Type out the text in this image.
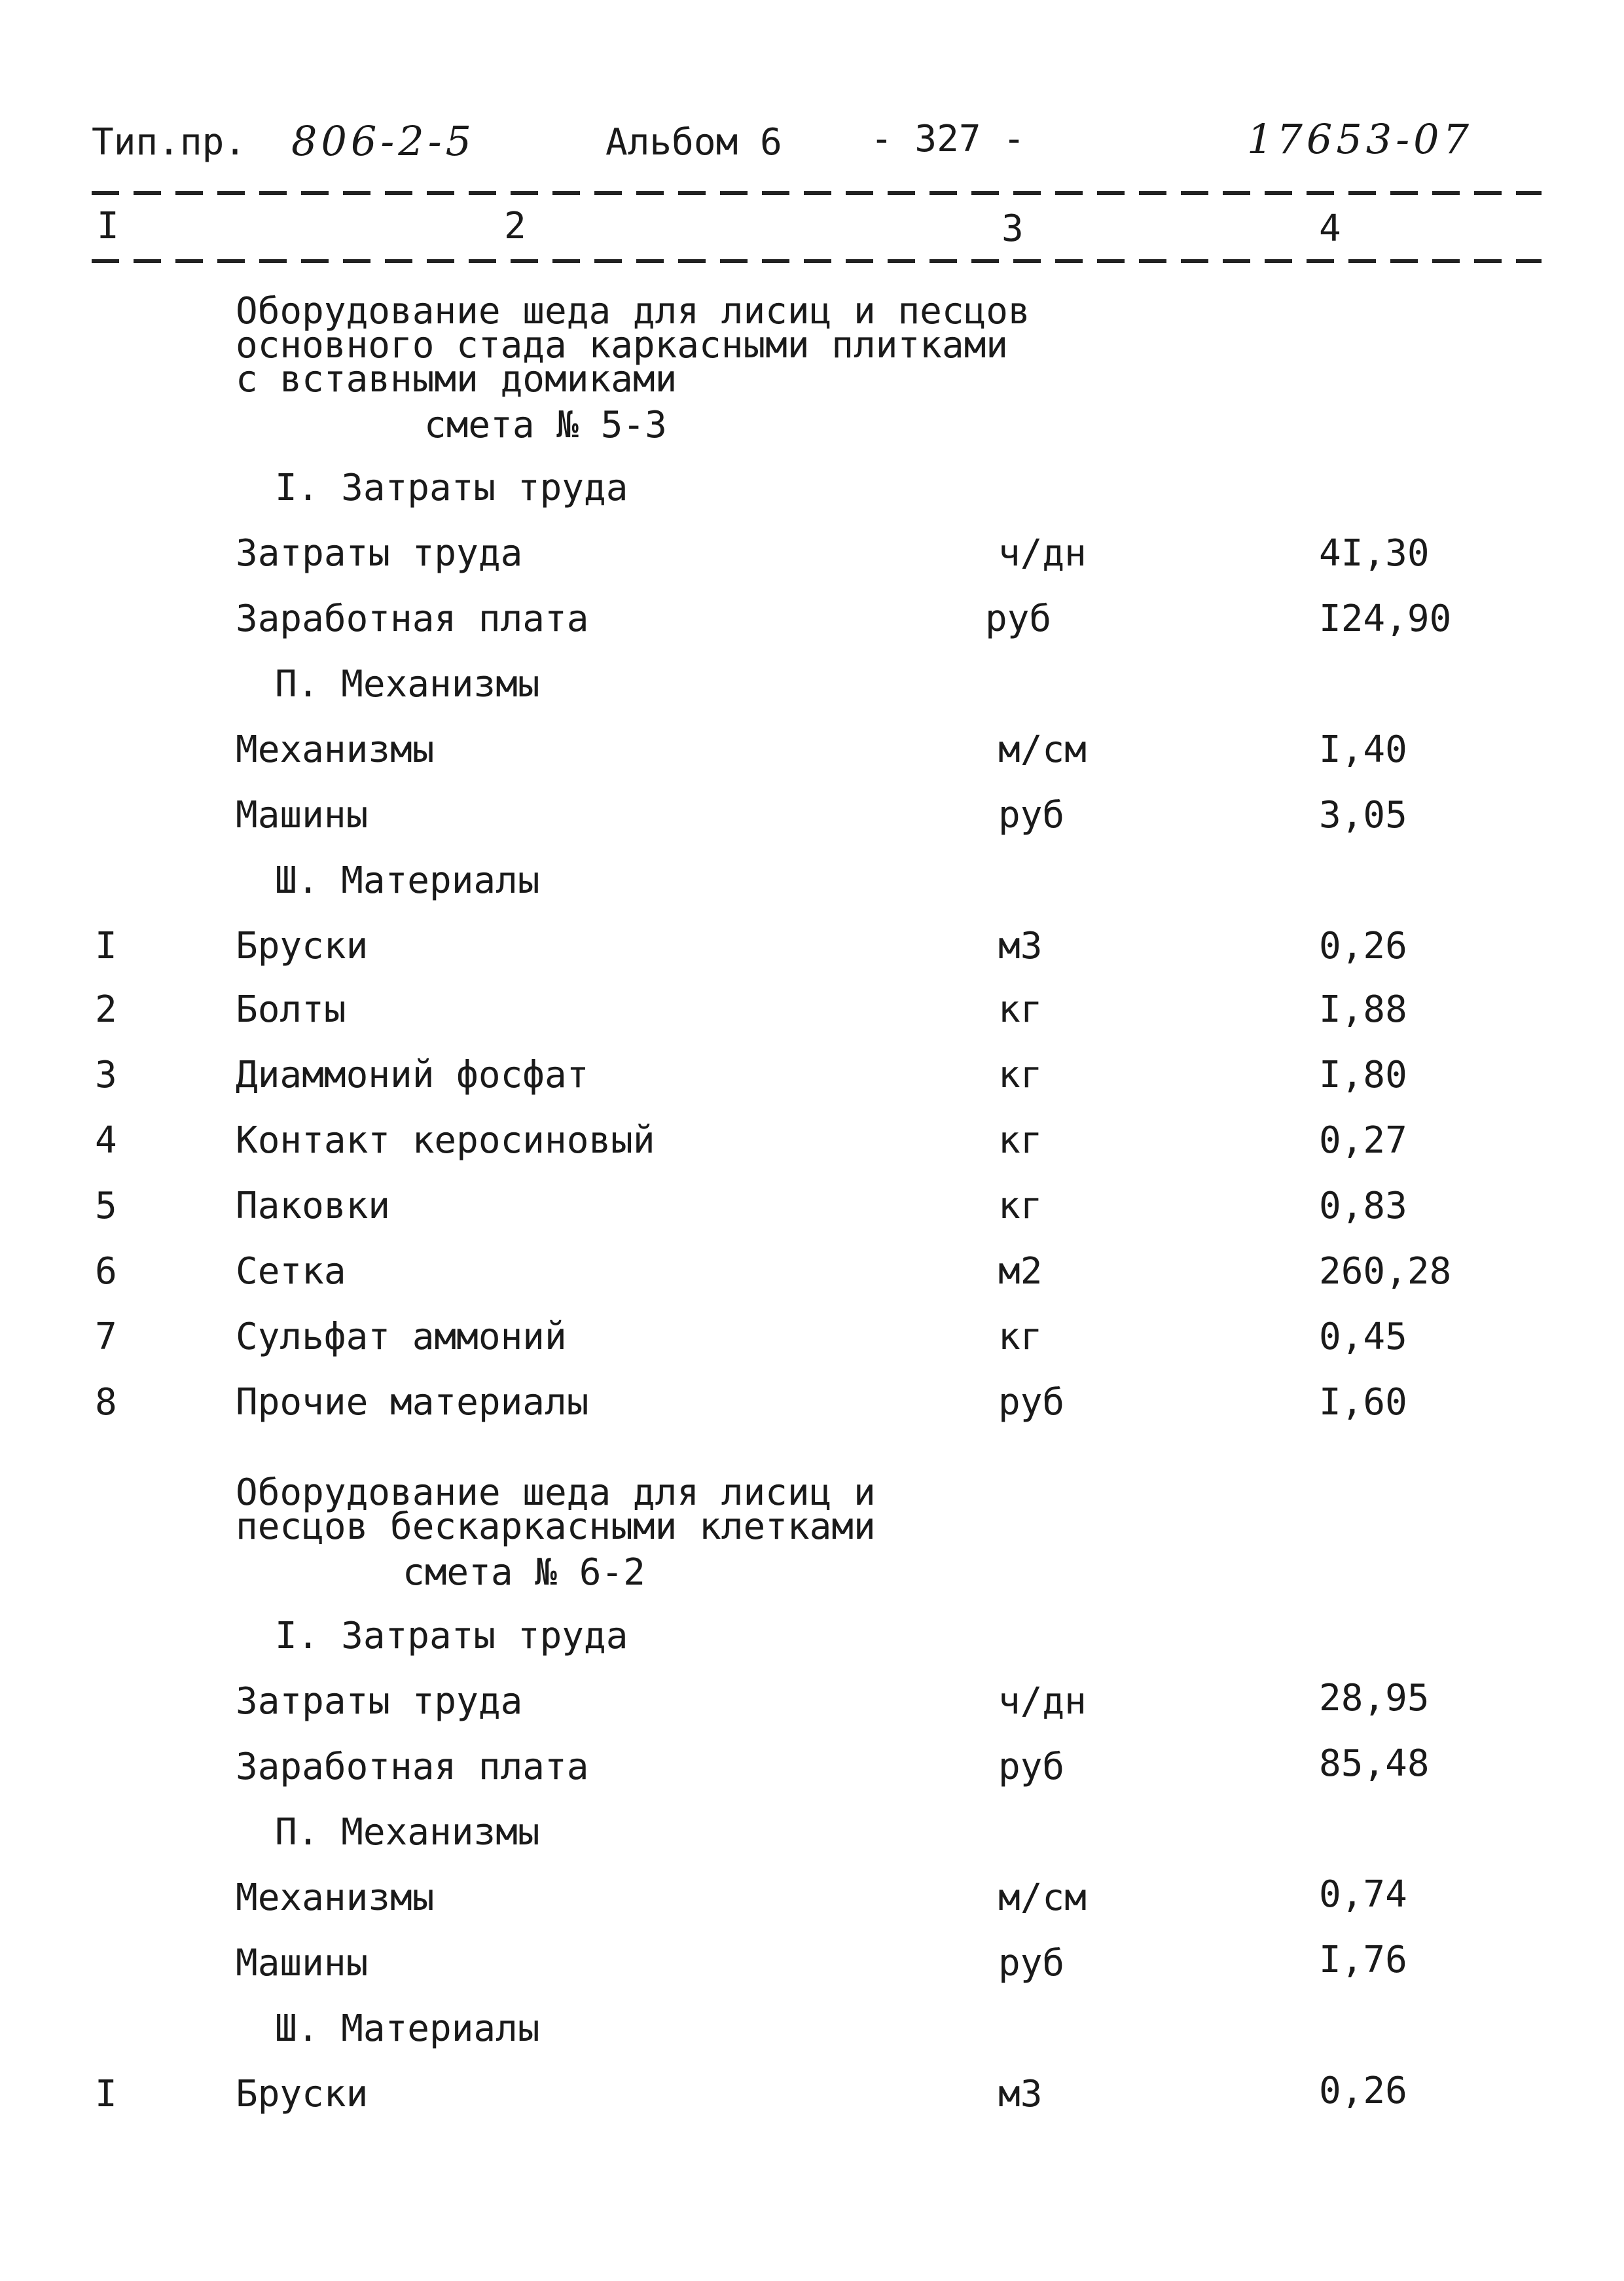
Тип.пр. 806-2-5	Альбом 6 - 327 -	17653-07
I	2	3	4
Оборудование шеда для лисиц и песцов
основного стада каркасными плитками
с вставными домиками
смета № 5-3
I. Затраты труда
Затраты труда	ч/дн	4I,30
Заработная плата	руб	I24,90
П. Механизмы
Механизмы	м/см	I,40
Машины	руб	3,05
Ш. Материалы
I	Бруски	м3	0,26
2	Болты	кг	I,88
3	Диаммоний фосфат	кг	I,80
4	Контакт керосиновый	кг	0,27
5	Паковки	кг	0,83
6	Сетка	м2	260,28
7	Сульфат аммоний	кг	0,45
8	Прочие материалы	руб	I,60
Оборудование шеда для лисиц и
песцов бескаркасными клетками
смета № 6-2
I. Затраты труда
Затраты труда	ч/дн	28,95
Заработная плата	руб	85,48
П. Механизмы
Механизмы	м/см	0,74
Машины	руб	I,76
Ш. Материалы
I	Бруски	м3	0,26
